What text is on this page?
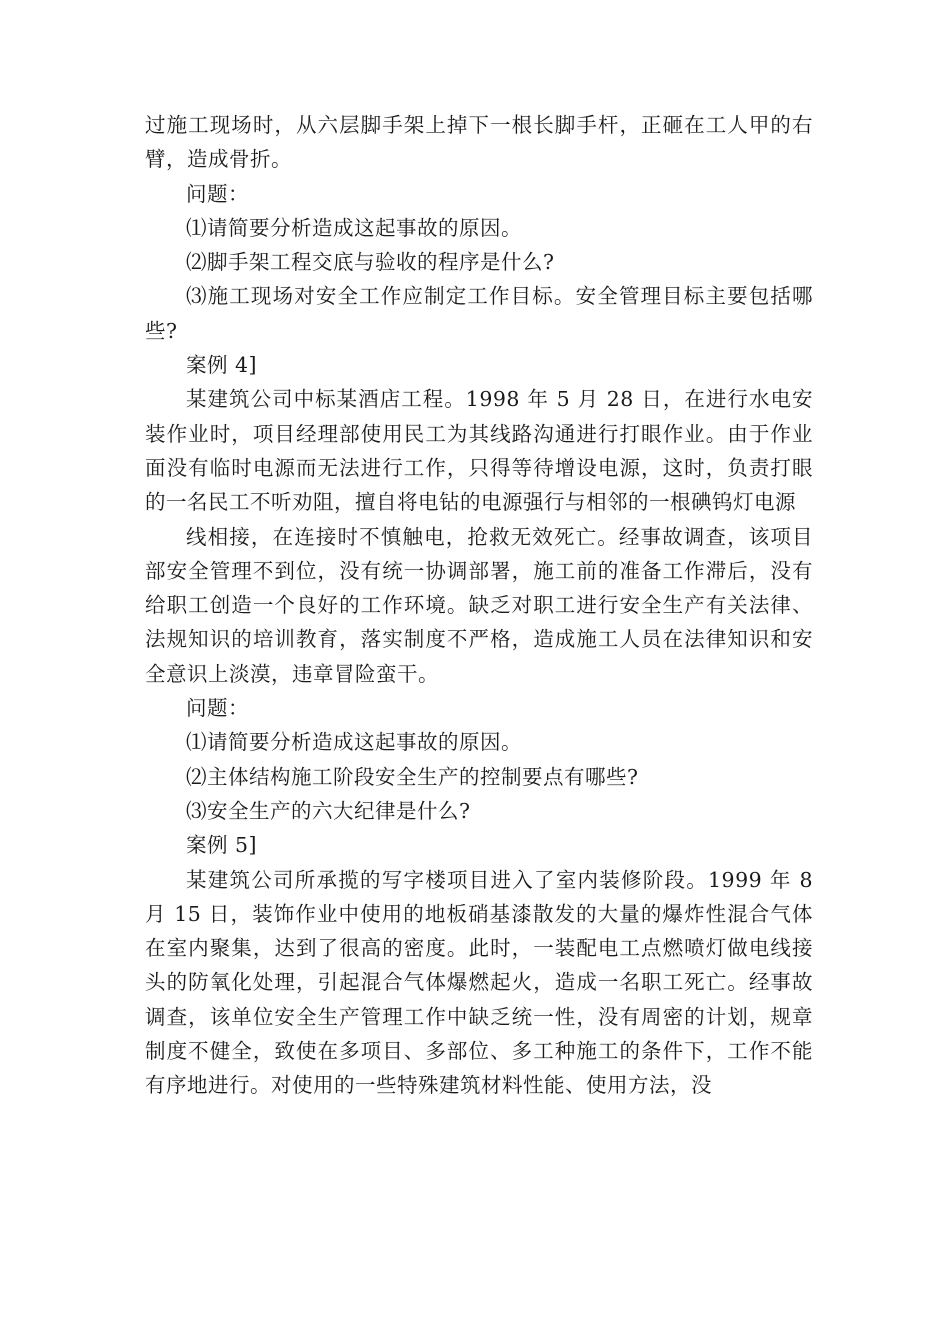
过施工现场时，从六层脚手架上掉下一根长脚手杆，正砸在工人甲的右臂，造成骨折。

问题：

⑴请简要分析造成这起事故的原因。

⑵脚手架工程交底与验收的程序是什么?

⑶施工现场对安全工作应制定工作目标。安全管理目标主要包括哪些?

案例 4]

某建筑公司中标某酒店工程。1998 年 5 月 28 日，在进行水电安装作业时，项目经理部使用民工为其线路沟通进行打眼作业。由于作业面没有临时电源而无法进行工作，只得等待增设电源，这时，负责打眼的一名民工不听劝阻，擅自将电钻的电源强行与相邻的一根碘钨灯电源

线相接，在连接时不慎触电，抢救无效死亡。经事故调查，该项目部安全管理不到位，没有统一协调部署，施工前的准备工作滞后，没有给职工创造一个良好的工作环境。缺乏对职工进行安全生产有关法律、法规知识的培训教育，落实制度不严格，造成施工人员在法律知识和安全意识上淡漠，违章冒险蛮干。

问题：

⑴请简要分析造成这起事故的原因。

⑵主体结构施工阶段安全生产的控制要点有哪些?

⑶安全生产的六大纪律是什么?

案例 5]

某建筑公司所承揽的写字楼项目进入了室内装修阶段。1999 年 8 月 15 日，装饰作业中使用的地板硝基漆散发的大量的爆炸性混合气体在室内聚集，达到了很高的密度。此时，一装配电工点燃喷灯做电线接头的防氧化处理，引起混合气体爆燃起火，造成一名职工死亡。经事故调查，该单位安全生产管理工作中缺乏统一性，没有周密的计划，规章制度不健全，致使在多项目、多部位、多工种施工的条件下，工作不能有序地进行。对使用的一些特殊建筑材料性能、使用方法，没
